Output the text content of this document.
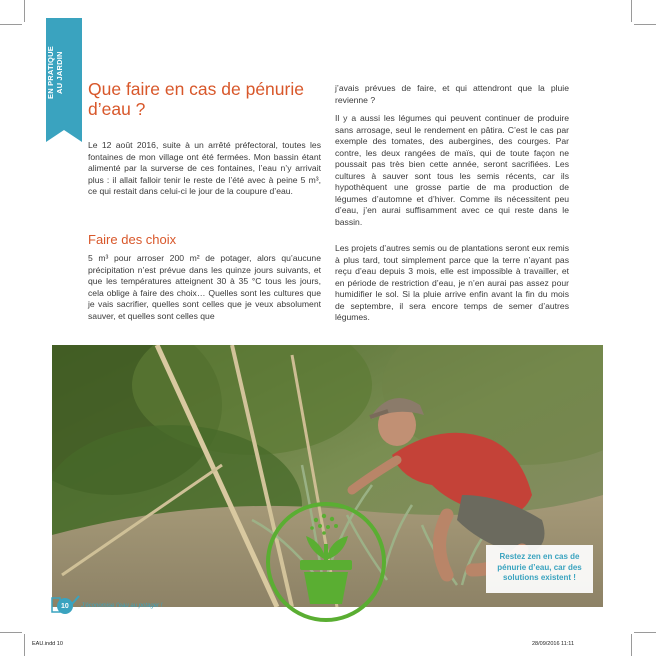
EN PRATIQUE AU JARDIN Que faire en cas de pénurie d’eau ?

Le 12 août 2016, suite à un arrêté préfectoral, toutes les fontaines de mon village ont été fermées. Mon bassin étant alimenté par la surverse de ces fontaines, l’eau n’y arrivait plus : il allait falloir tenir le reste de l’été avec à peine 5 m³, ce qui restait dans celui-ci le jour de la coupure d’eau.

Faire des choix

5 m³ pour arroser 200 m² de potager, alors qu’aucune précipitation n’est prévue dans les quinze jours suivants, et que les températures atteignent 30 à 35 °C tous les jours, cela oblige à faire des choix… Quelles sont les cultures que je vais sacrifier, quelles sont celles que je veux absolument sauver, et quelles sont celles que

j’avais prévues de faire, et qui attendront que la pluie revienne ?

Il y a aussi les légumes qui peuvent continuer de produire sans arrosage, seul le rendement en pâtira. C’est le cas par exemple des tomates, des aubergines, des courges. Par contre, les deux rangées de maïs, qui de toute façon ne poussait pas très bien cette année, seront sacrifiées. Les cultures à sauver sont tous les semis récents, car ils hypothèquent une grosse partie de ma production de légumes d’automne et d’hiver. Comme ils nécessitent peu d’eau, j’en aurai suffisamment avec ce qui reste dans le bassin.

Les projets d’autres semis ou de plantations seront eux remis à plus tard, tout simplement parce que la terre n’ayant pas reçu d’eau depuis 3 mois, elle est impossible à travailler, et en période de restriction d’eau, je n’en aurai pas assez pour humidifier le sol. Si la pluie arrive enfin avant la fin du mois de septembre, il sera encore temps de semer d’autres légumes.

Restez zen en cas de pénurie d’eau, car des solutions existent !
10 J’économise l’eau au potager !
EAU.indd 10	28/09/2016 11:11
